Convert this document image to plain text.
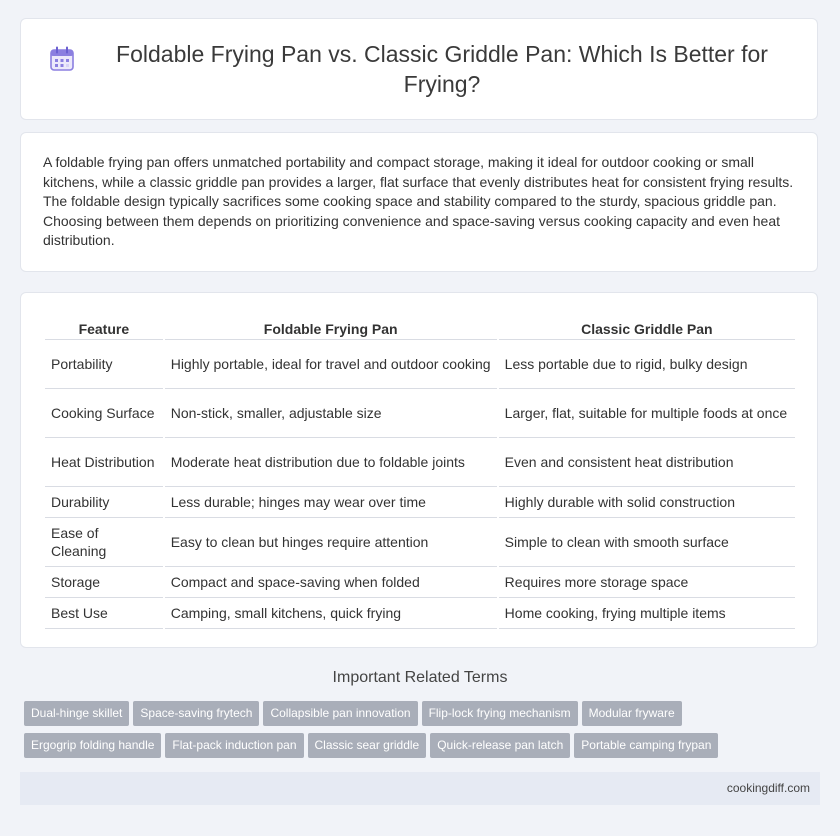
Foldable Frying Pan vs. Classic Griddle Pan: Which Is Better for Frying?

A foldable frying pan offers unmatched portability and compact storage, making it ideal for outdoor cooking or small kitchens, while a classic griddle pan provides a larger, flat surface that evenly distributes heat for consistent frying results. The foldable design typically sacrifices some cooking space and stability compared to the sturdy, spacious griddle pan. Choosing between them depends on prioritizing convenience and space-saving versus cooking capacity and even heat distribution.

Feature	Foldable Frying Pan	Classic Griddle Pan
Portability	Highly portable, ideal for travel and outdoor cooking	Less portable due to rigid, bulky design
Cooking Surface	Non-stick, smaller, adjustable size	Larger, flat, suitable for multiple foods at once
Heat Distribution	Moderate heat distribution due to foldable joints	Even and consistent heat distribution
Durability	Less durable; hinges may wear over time	Highly durable with solid construction
Ease of Cleaning	Easy to clean but hinges require attention	Simple to clean with smooth surface
Storage	Compact and space-saving when folded	Requires more storage space
Best Use	Camping, small kitchens, quick frying	Home cooking, frying multiple items
Important Related Terms
Dual-hinge skillet Space-saving frytech Collapsible pan innovation Flip-lock frying mechanism Modular fryware
Ergogrip folding handle Flat-pack induction pan Classic sear griddle Quick-release pan latch Portable camping frypan
cookingdiff.com
